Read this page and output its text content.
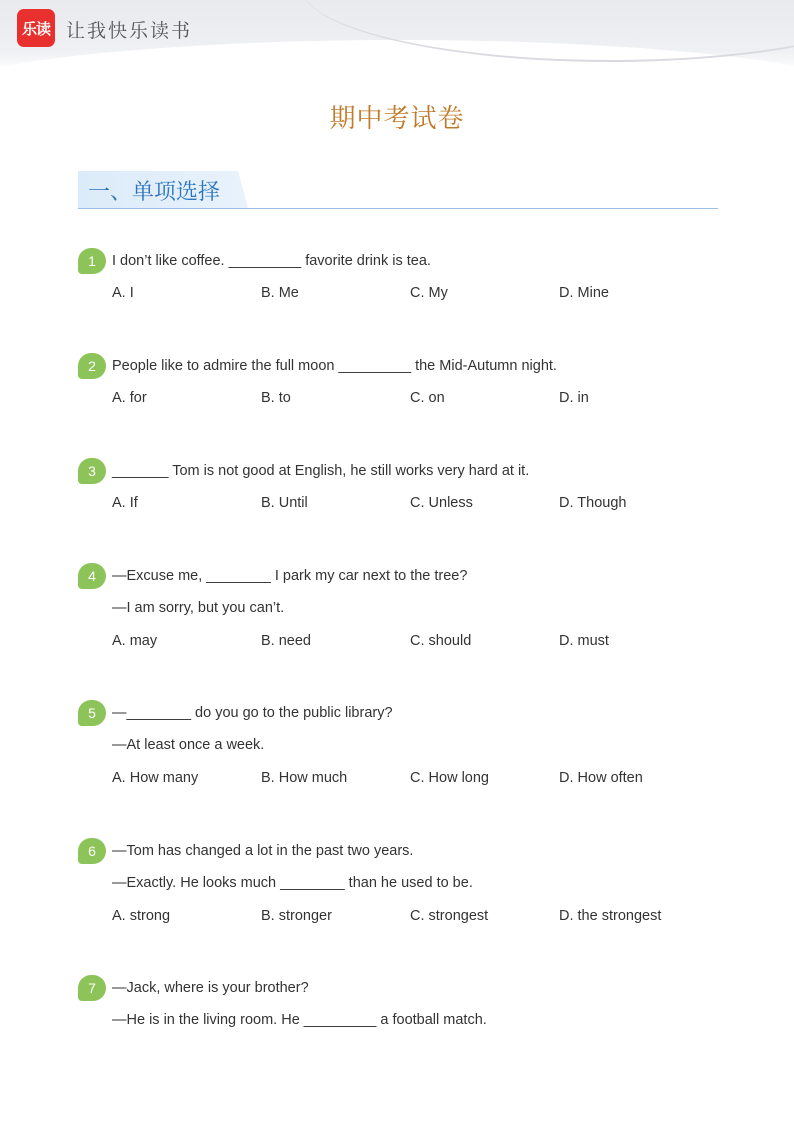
乐读 让我快乐读书
期中考试卷
一、单项选择
1	I don’t like coffee. _________ favorite drink is tea.
A. I	B. Me	C. My	D. Mine
2	People like to admire the full moon _________ the Mid-Autumn night.
A. for	B. to	C. on	D. in
3	_______ Tom is not good at English, he still works very hard at it.
A. If	B. Until	C. Unless	D. Though
4	—Excuse me, ________ I park my car next to the tree?
—I am sorry, but you can’t.
A. may	B. need	C. should	D. must
5	—________ do you go to the public library?
—At least once a week.
A. How many	B. How much	C. How long	D. How often
6	—Tom has changed a lot in the past two years.
—Exactly. He looks much ________ than he used to be.
A. strong	B. stronger	C. strongest	D. the strongest
7	—Jack, where is your brother?
—He is in the living room. He _________ a football match.
